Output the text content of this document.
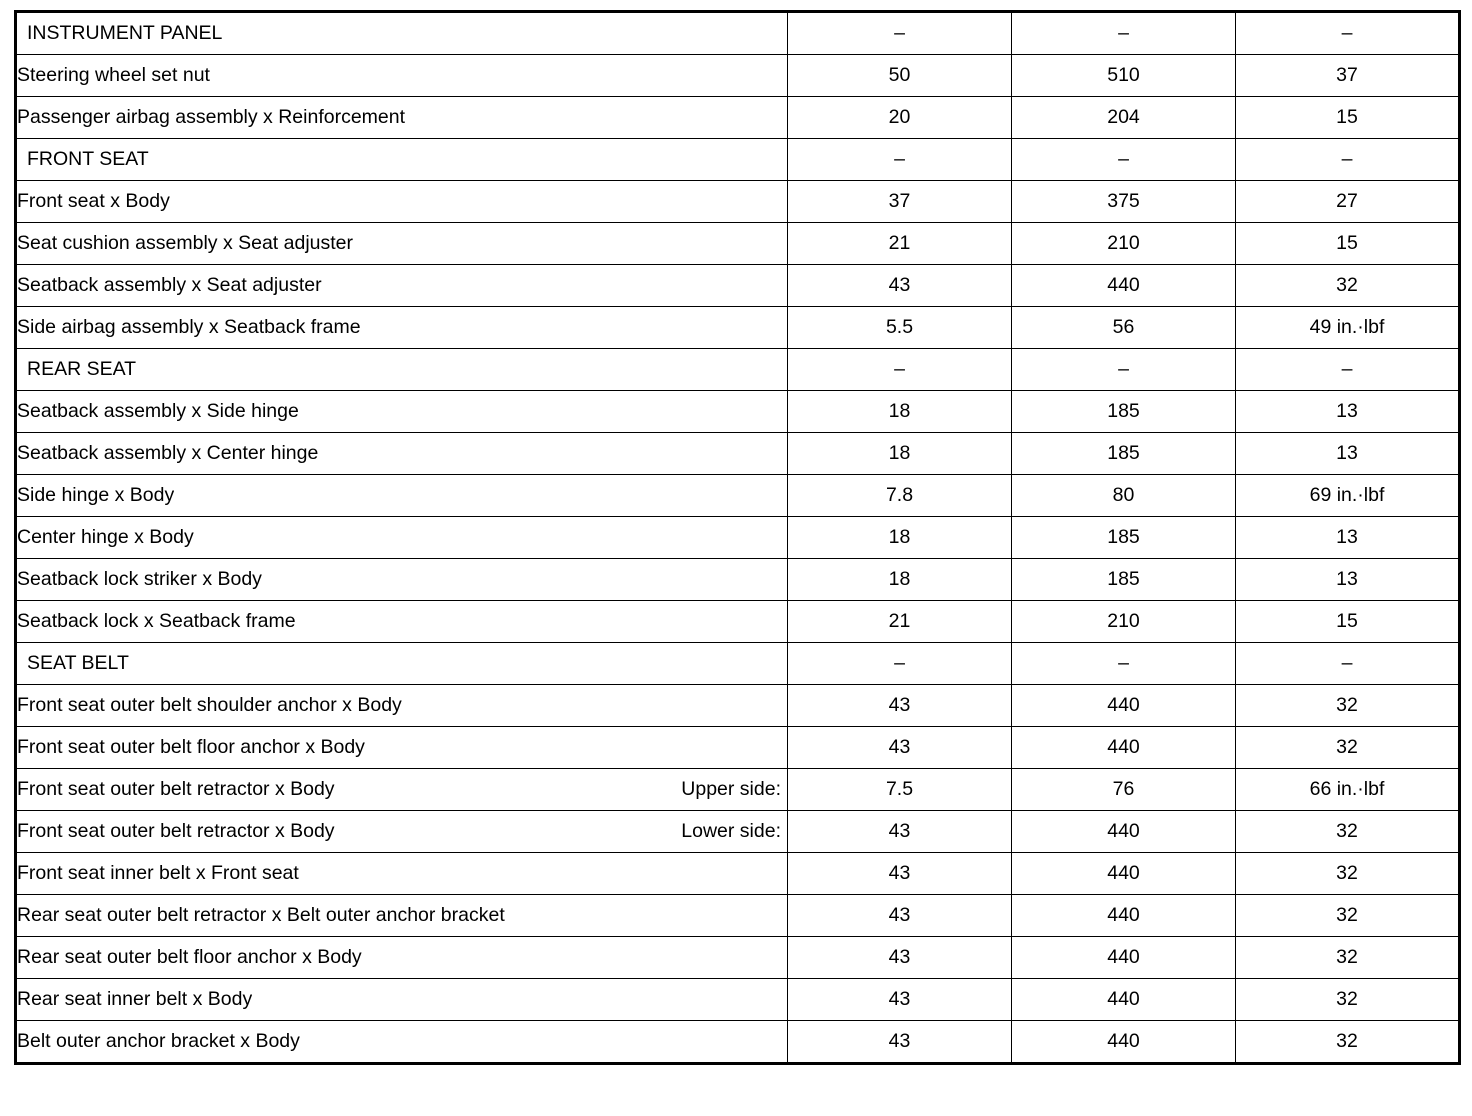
INSTRUMENT PANEL	–	–	–

Steering wheel set nut	50	510	37

Passenger airbag assembly x Reinforcement	20	204	15

FRONT SEAT	–	–	–

Front seat x Body	37	375	27

Seat cushion assembly x Seat adjuster	21	210	15

Seatback assembly x Seat adjuster	43	440	32

Side airbag assembly x Seatback frame	5.5	56	49 in.·lbf

REAR SEAT	–	–	–

Seatback assembly x Side hinge	18	185	13

Seatback assembly x Center hinge	18	185	13

Side hinge x Body	7.8	80	69 in.·lbf

Center hinge x Body	18	185	13

Seatback lock striker x Body	18	185	13

Seatback lock x Seatback frame	21	210	15

SEAT BELT	–	–	–

Front seat outer belt shoulder anchor x Body	43	440	32

Front seat outer belt floor anchor x Body	43	440	32

Front seat outer belt retractor x Body Upper side:	7.5	76	66 in.·lbf

Front seat outer belt retractor x Body Lower side:	43	440	32

Front seat inner belt x Front seat	43	440	32

Rear seat outer belt retractor x Belt outer anchor bracket	43	440	32

Rear seat outer belt floor anchor x Body	43	440	32

Rear seat inner belt x Body	43	440	32

Belt outer anchor bracket x Body	43	440	32
